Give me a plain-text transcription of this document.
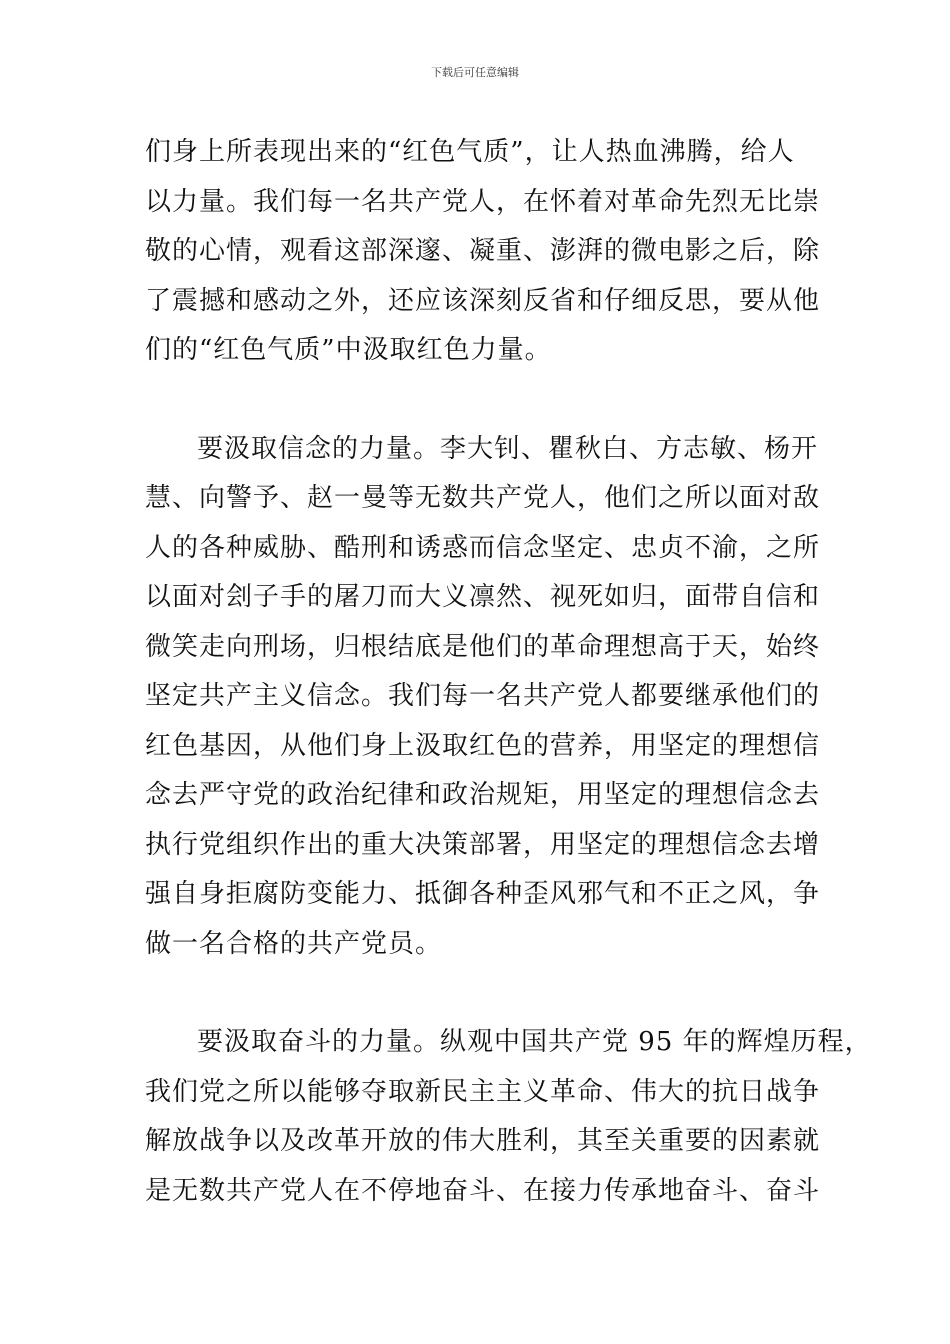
下载后可任意编辑

们身上所表现出来的“红色气质”，让人热血沸腾，给人
以力量。我们每一名共产党人，在怀着对革命先烈无比崇
敬的心情，观看这部深邃、凝重、澎湃的微电影之后，除
了震撼和感动之外，还应该深刻反省和仔细反思，要从他
们的“红色气质”中汲取红色力量。

要汲取信念的力量。李大钊、瞿秋白、方志敏、杨开
慧、向警予、赵一曼等无数共产党人，他们之所以面对敌
人的各种威胁、酷刑和诱惑而信念坚定、忠贞不渝，之所
以面对刽子手的屠刀而大义凛然、视死如归，面带自信和
微笑走向刑场，归根结底是他们的革命理想高于天，始终
坚定共产主义信念。我们每一名共产党人都要继承他们的
红色基因，从他们身上汲取红色的营养，用坚定的理想信
念去严守党的政治纪律和政治规矩，用坚定的理想信念去
执行党组织作出的重大决策部署，用坚定的理想信念去增
强自身拒腐防变能力、抵御各种歪风邪气和不正之风，争
做一名合格的共产党员。

要汲取奋斗的力量。纵观中国共产党 95 年的辉煌历程，
我们党之所以能够夺取新民主主义革命、伟大的抗日战争
解放战争以及改革开放的伟大胜利，其至关重要的因素就
是无数共产党人在不停地奋斗、在接力传承地奋斗、奋斗
